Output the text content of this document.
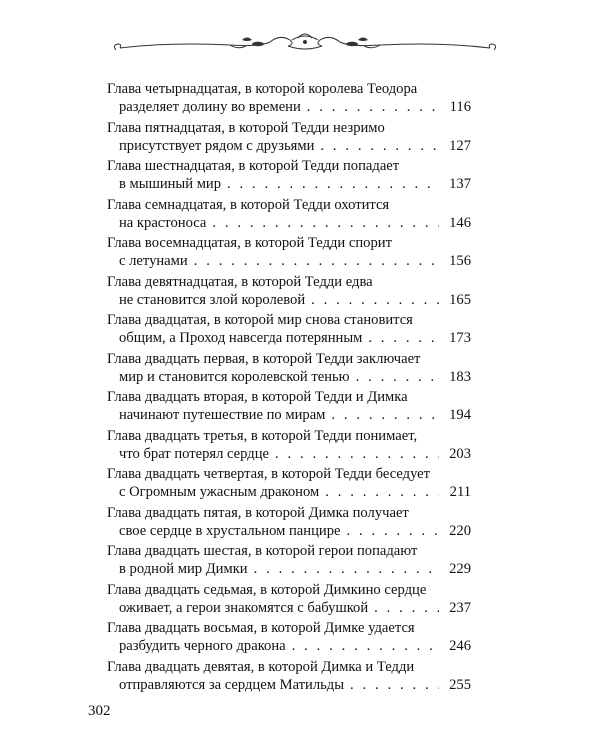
Глава четырнадцатая, в которой королева Теодора
разделяет долину во времени . . .	116
Глава пятнадцатая, в которой Тедди незримо
присутствует рядом с друзьями . . .	127
Глава шестнадцатая, в которой Тедди попадает
в мышиный мир . . .	137
Глава семнадцатая, в которой Тедди охотится
на крастоноса . . .	146
Глава восемнадцатая, в которой Тедди спорит
с летунами . . .	156
Глава девятнадцатая, в которой Тедди едва
не становится злой королевой . . .	165
Глава двадцатая, в которой мир снова становится
общим, а Проход навсегда потерянным . . .	173
Глава двадцать первая, в которой Тедди заключает
мир и становится королевской тенью . . .	183
Глава двадцать вторая, в которой Тедди и Димка
начинают путешествие по мирам . . .	194
Глава двадцать третья, в которой Тедди понимает,
что брат потерял сердце . . .	203
Глава двадцать четвертая, в которой Тедди беседует
с Огромным ужасным драконом . . .	211
Глава двадцать пятая, в которой Димка получает
свое сердце в хрустальном панцире . . .	220
Глава двадцать шестая, в которой герои попадают
в родной мир Димки . . .	229
Глава двадцать седьмая, в которой Димкино сердце
оживает, а герои знакомятся с бабушкой . . .	237
Глава двадцать восьмая, в которой Димке удается
разбудить черного дракона . . .	246
Глава двадцать девятая, в которой Димка и Тедди
отправляются за сердцем Матильды . . .	255
302
